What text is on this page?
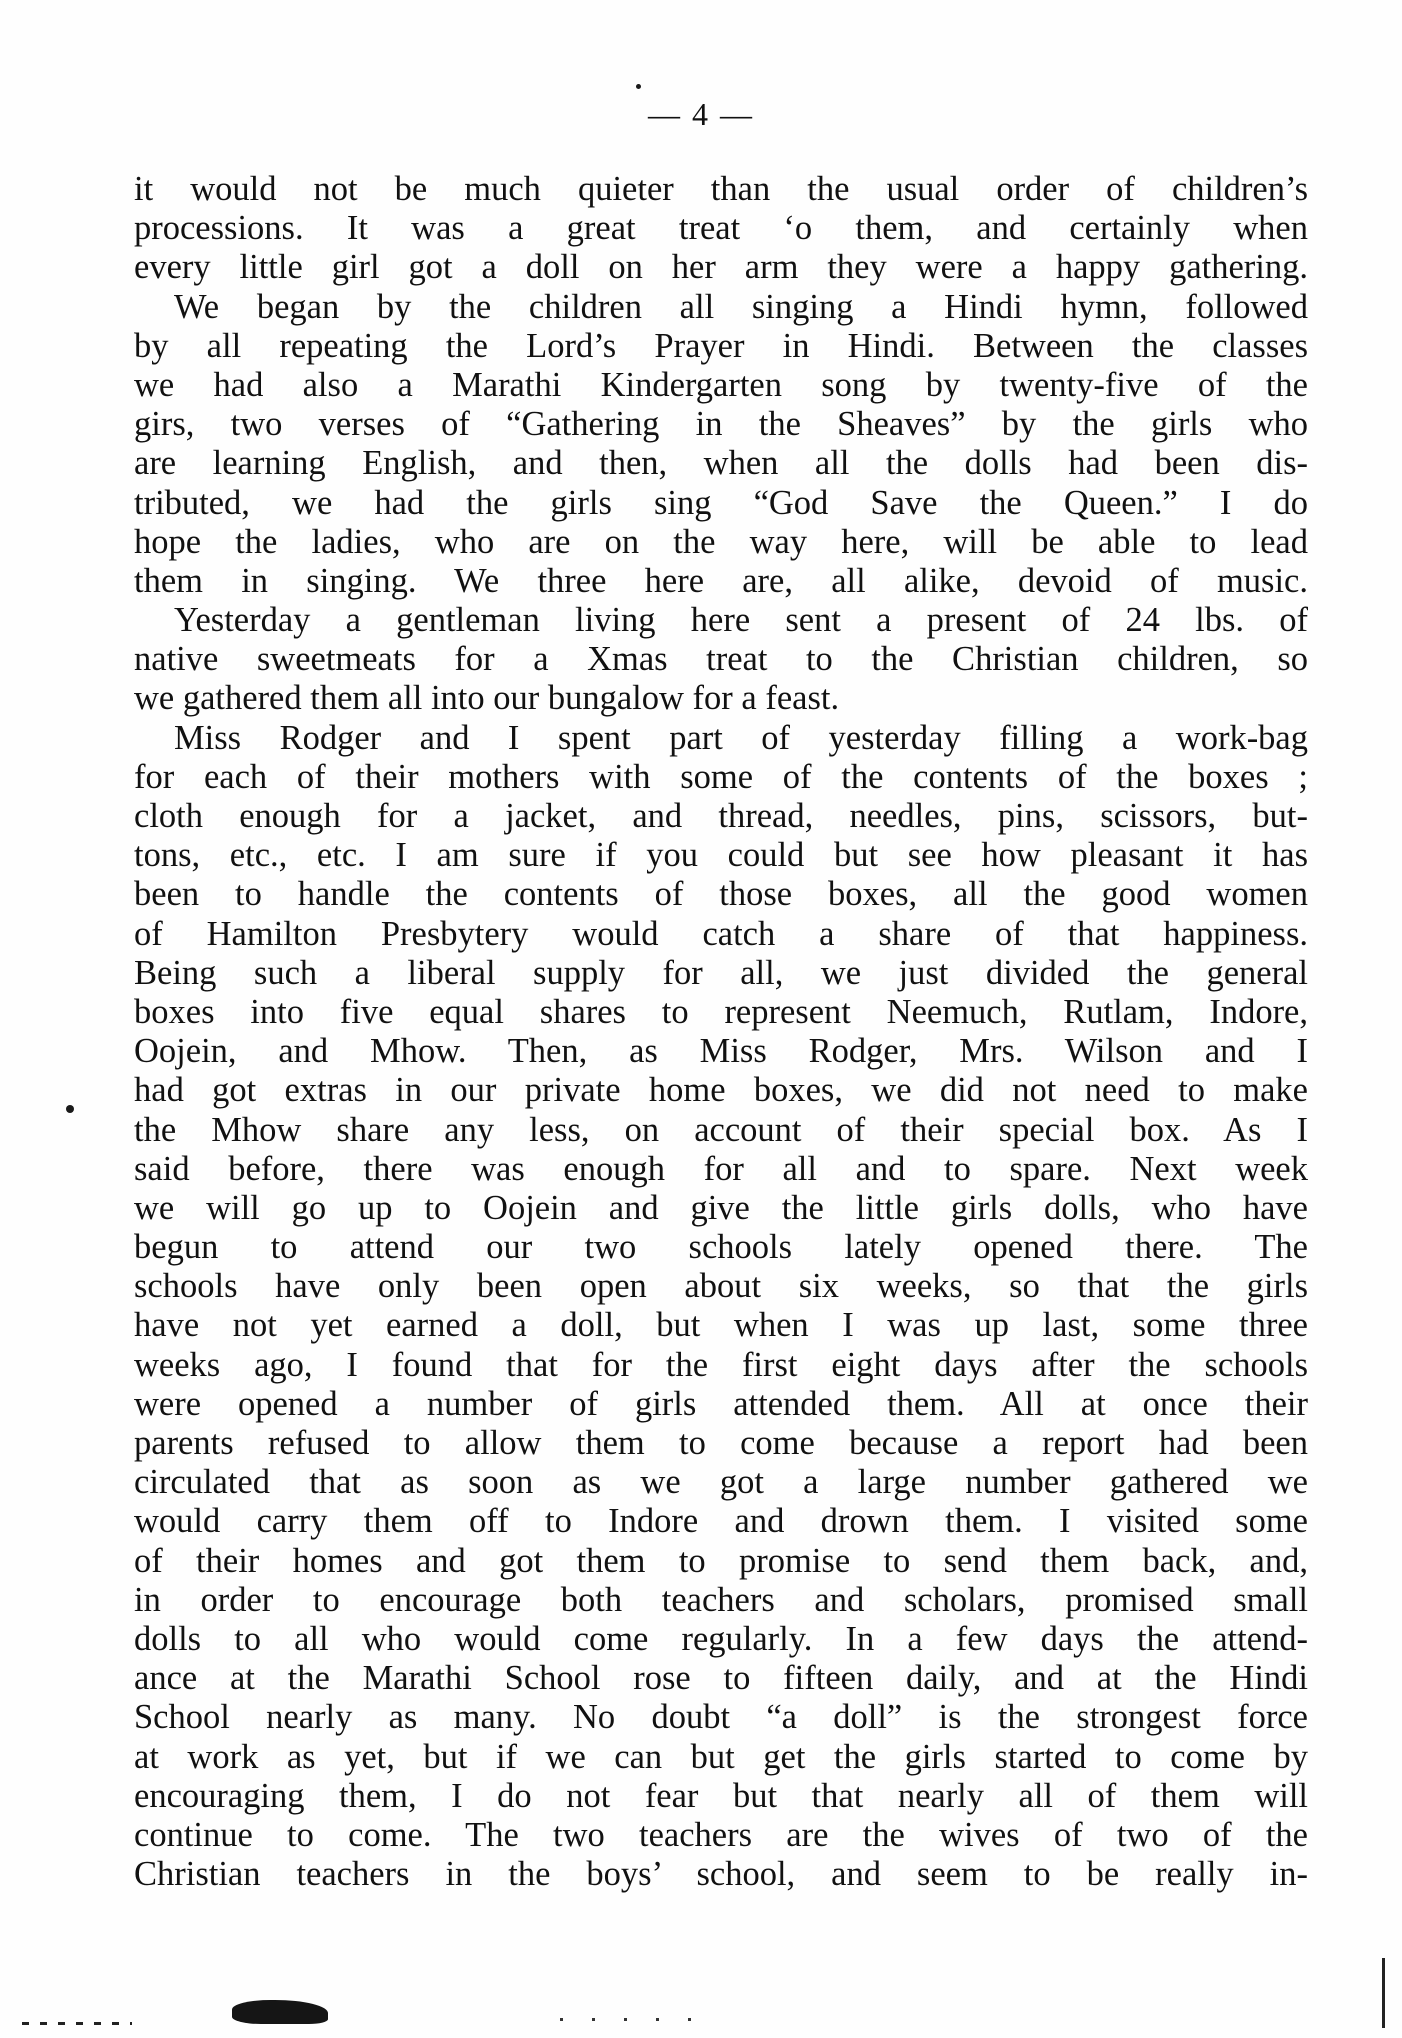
— 4 —
it would not be much quieter than the usual order of children’s
processions. It was a great treat ‘o them, and certainly when
every little girl got a doll on her arm they were a happy gathering.
We began by the children all singing a Hindi hymn, followed
by all repeating the Lord’s Prayer in Hindi. Between the classes
we had also a Marathi Kindergarten song by twenty-five of the
girs, two verses of “Gathering in the Sheaves” by the girls who
are learning English, and then, when all the dolls had been dis-
tributed, we had the girls sing “God Save the Queen.” I do
hope the ladies, who are on the way here, will be able to lead
them in singing. We three here are, all alike, devoid of music.
Yesterday a gentleman living here sent a present of 24 lbs. of
native sweetmeats for a Xmas treat to the Christian children, so
we gathered them all into our bungalow for a feast.
Miss Rodger and I spent part of yesterday filling a work-bag
for each of their mothers with some of the contents of the boxes ;
cloth enough for a jacket, and thread, needles, pins, scissors, but-
tons, etc., etc. I am sure if you could but see how pleasant it has
been to handle the contents of those boxes, all the good women
of Hamilton Presbytery would catch a share of that happiness.
Being such a liberal supply for all, we just divided the general
boxes into five equal shares to represent Neemuch, Rutlam, Indore,
Oojein, and Mhow. Then, as Miss Rodger, Mrs. Wilson and I
had got extras in our private home boxes, we did not need to make
the Mhow share any less, on account of their special box. As I
said before, there was enough for all and to spare. Next week
we will go up to Oojein and give the little girls dolls, who have
begun to attend our two schools lately opened there. The
schools have only been open about six weeks, so that the girls
have not yet earned a doll, but when I was up last, some three
weeks ago, I found that for the first eight days after the schools
were opened a number of girls attended them. All at once their
parents refused to allow them to come because a report had been
circulated that as soon as we got a large number gathered we
would carry them off to Indore and drown them. I visited some
of their homes and got them to promise to send them back, and,
in order to encourage both teachers and scholars, promised small
dolls to all who would come regularly. In a few days the attend-
ance at the Marathi School rose to fifteen daily, and at the Hindi
School nearly as many. No doubt “a doll” is the strongest force
at work as yet, but if we can but get the girls started to come by
encouraging them, I do not fear but that nearly all of them will
continue to come. The two teachers are the wives of two of the
Christian teachers in the boys’ school, and seem to be really in-
